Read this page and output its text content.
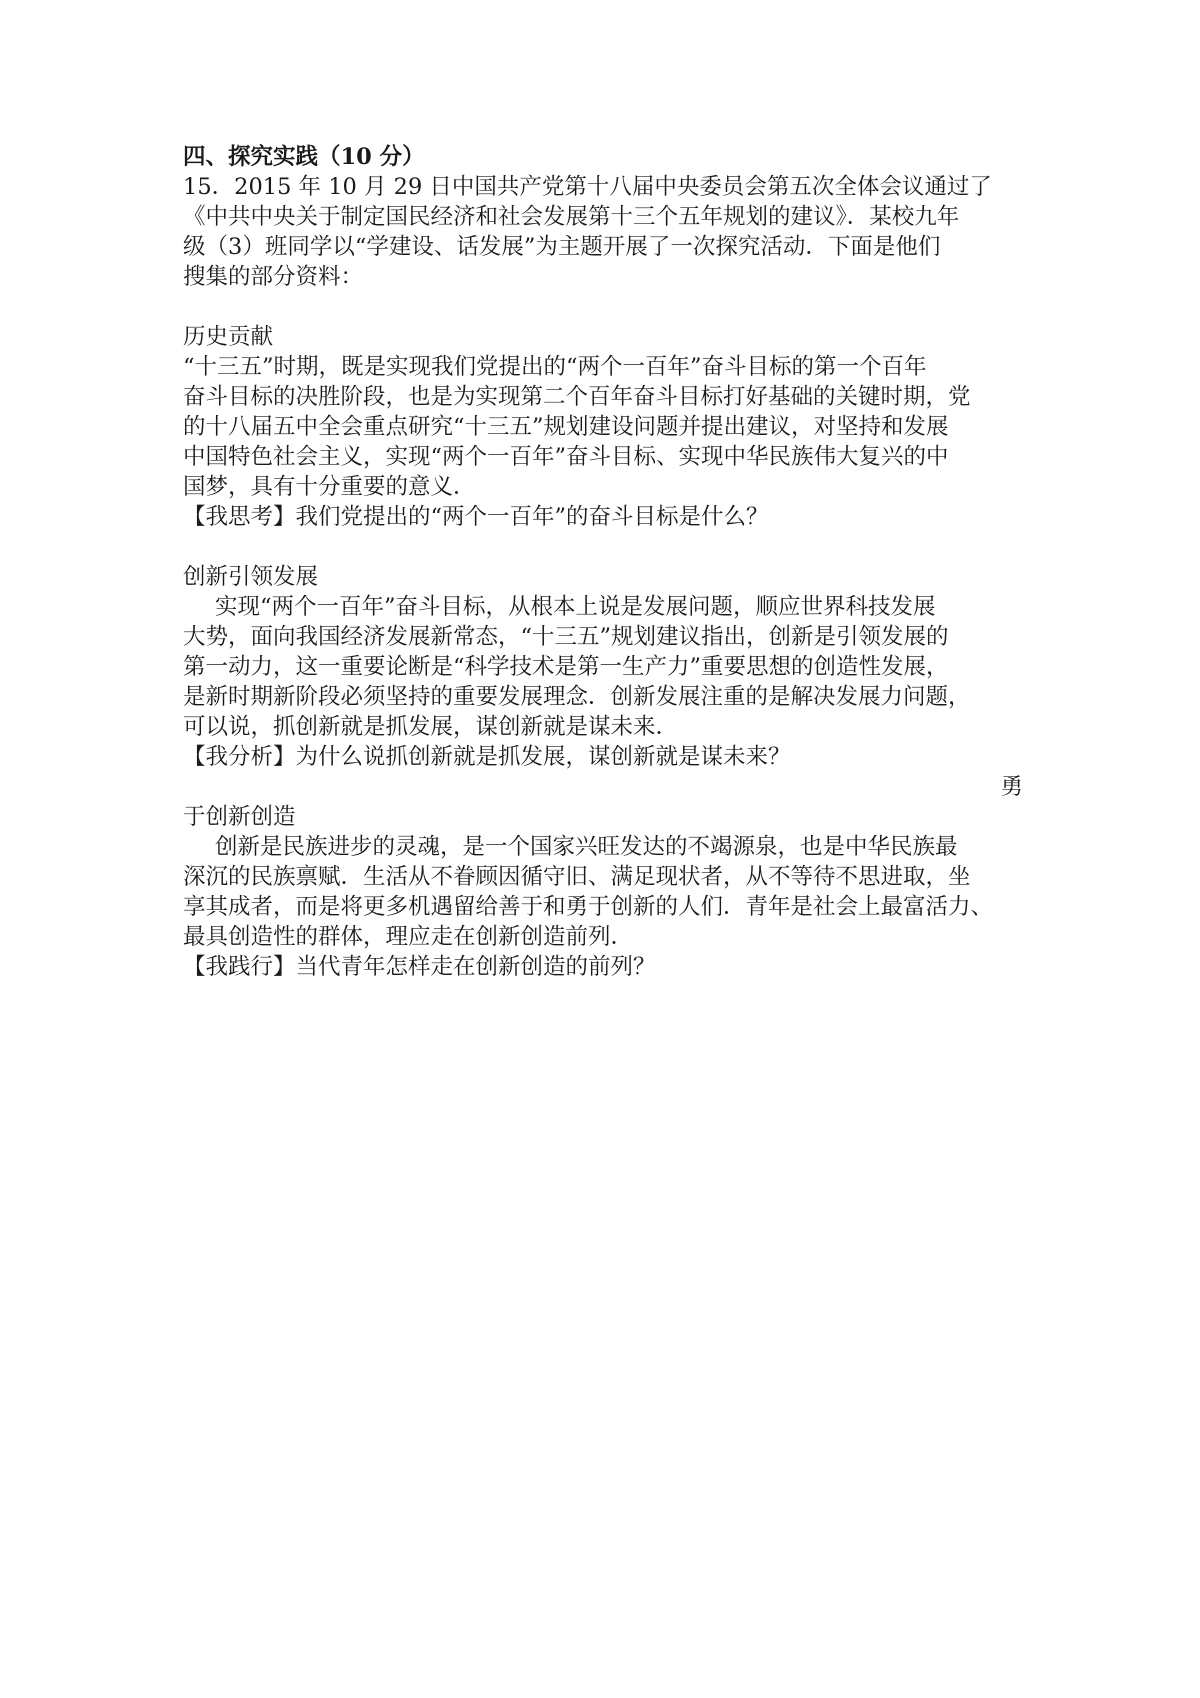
四、探究实践（10 分）
15．2015 年 10 月 29 日中国共产党第十八届中央委员会第五次全体会议通过了
《中共中央关于制定国民经济和社会发展第十三个五年规划的建议》．某校九年
级（3）班同学以“学建设、话发展”为主题开展了一次探究活动．下面是他们
搜集的部分资料：
历史贡献
“十三五”时期，既是实现我们党提出的“两个一百年”奋斗目标的第一个百年
奋斗目标的决胜阶段，也是为实现第二个百年奋斗目标打好基础的关键时期，党
的十八届五中全会重点研究“十三五”规划建设问题并提出建议，对坚持和发展
中国特色社会主义，实现“两个一百年”奋斗目标、实现中华民族伟大复兴的中
国梦，具有十分重要的意义．
【我思考】我们党提出的“两个一百年”的奋斗目标是什么？
创新引领发展
实现“两个一百年”奋斗目标，从根本上说是发展问题，顺应世界科技发展
大势，面向我国经济发展新常态，“十三五”规划建议指出，创新是引领发展的
第一动力，这一重要论断是“科学技术是第一生产力”重要思想的创造性发展，
是新时期新阶段必须坚持的重要发展理念．创新发展注重的是解决发展力问题，
可以说，抓创新就是抓发展，谋创新就是谋未来．
【我分析】为什么说抓创新就是抓发展，谋创新就是谋未来？
勇
于创新创造
创新是民族进步的灵魂，是一个国家兴旺发达的不竭源泉，也是中华民族最
深沉的民族禀赋．生活从不眷顾因循守旧、满足现状者，从不等待不思进取，坐
享其成者，而是将更多机遇留给善于和勇于创新的人们．青年是社会上最富活力、
最具创造性的群体，理应走在创新创造前列．
【我践行】当代青年怎样走在创新创造的前列？
